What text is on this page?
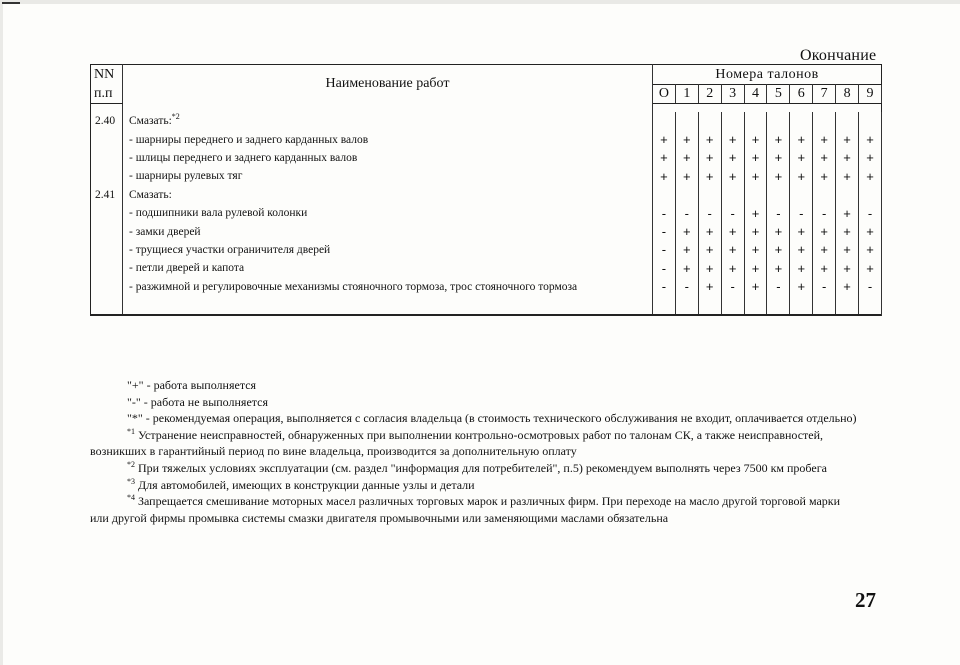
Окончание
NN	Наименование работ	Номера талонов									
п.п		O	1	2	3	4	5	6	7	8	9

2.40	Смазать:$^{*2}$										
	- шарниры переднего и заднего карданных валов	+	+	+	+	+	+	+	+	+	+
	- шлицы переднего и заднего карданных валов	+	+	+	+	+	+	+	+	+	+
	- шарниры рулевых тяг	+	+	+	+	+	+	+	+	+	+
2.41	Смазать:										
	- подшипники вала рулевой колонки	-	-	-	-	+	-	-	-	+	-
	- замки дверей	-	+	+	+	+	+	+	+	+	+
	- трущиеся участки ограничителя дверей	-	+	+	+	+	+	+	+	+	+
	- петли дверей и капота	-	+	+	+	+	+	+	+	+	+
	- разжимной и регулировочные механизмы стояночного тормоза, трос стояночного тормоза	-	-	+	-	+	-	+	-	+	-

"+" - работа выполняется
"-" - работа не выполняется
"*" - рекомендуемая операция, выполняется с согласия владельца (в стоимость технического обслуживания не входит, оплачивается отдельно)
$^{*1}$ Устранение неисправностей, обнаруженных при выполнении контрольно-осмотровых работ по талонам СК, а также неисправностей,
возникших в гарантийный период по вине владельца, производится за дополнительную оплату
$^{*2}$ При тяжелых условиях эксплуатации (см. раздел "информация для потребителей", п.5) рекомендуем выполнять через 7500 км пробега
$^{*3}$ Для автомобилей, имеющих в конструкции данные узлы и детали
$^{*4}$ Запрещается смешивание моторных масел различных торговых марок и различных фирм. При переходе на масло другой торговой марки
или другой фирмы промывка системы смазки двигателя промывочными или заменяющими маслами обязательна
27
